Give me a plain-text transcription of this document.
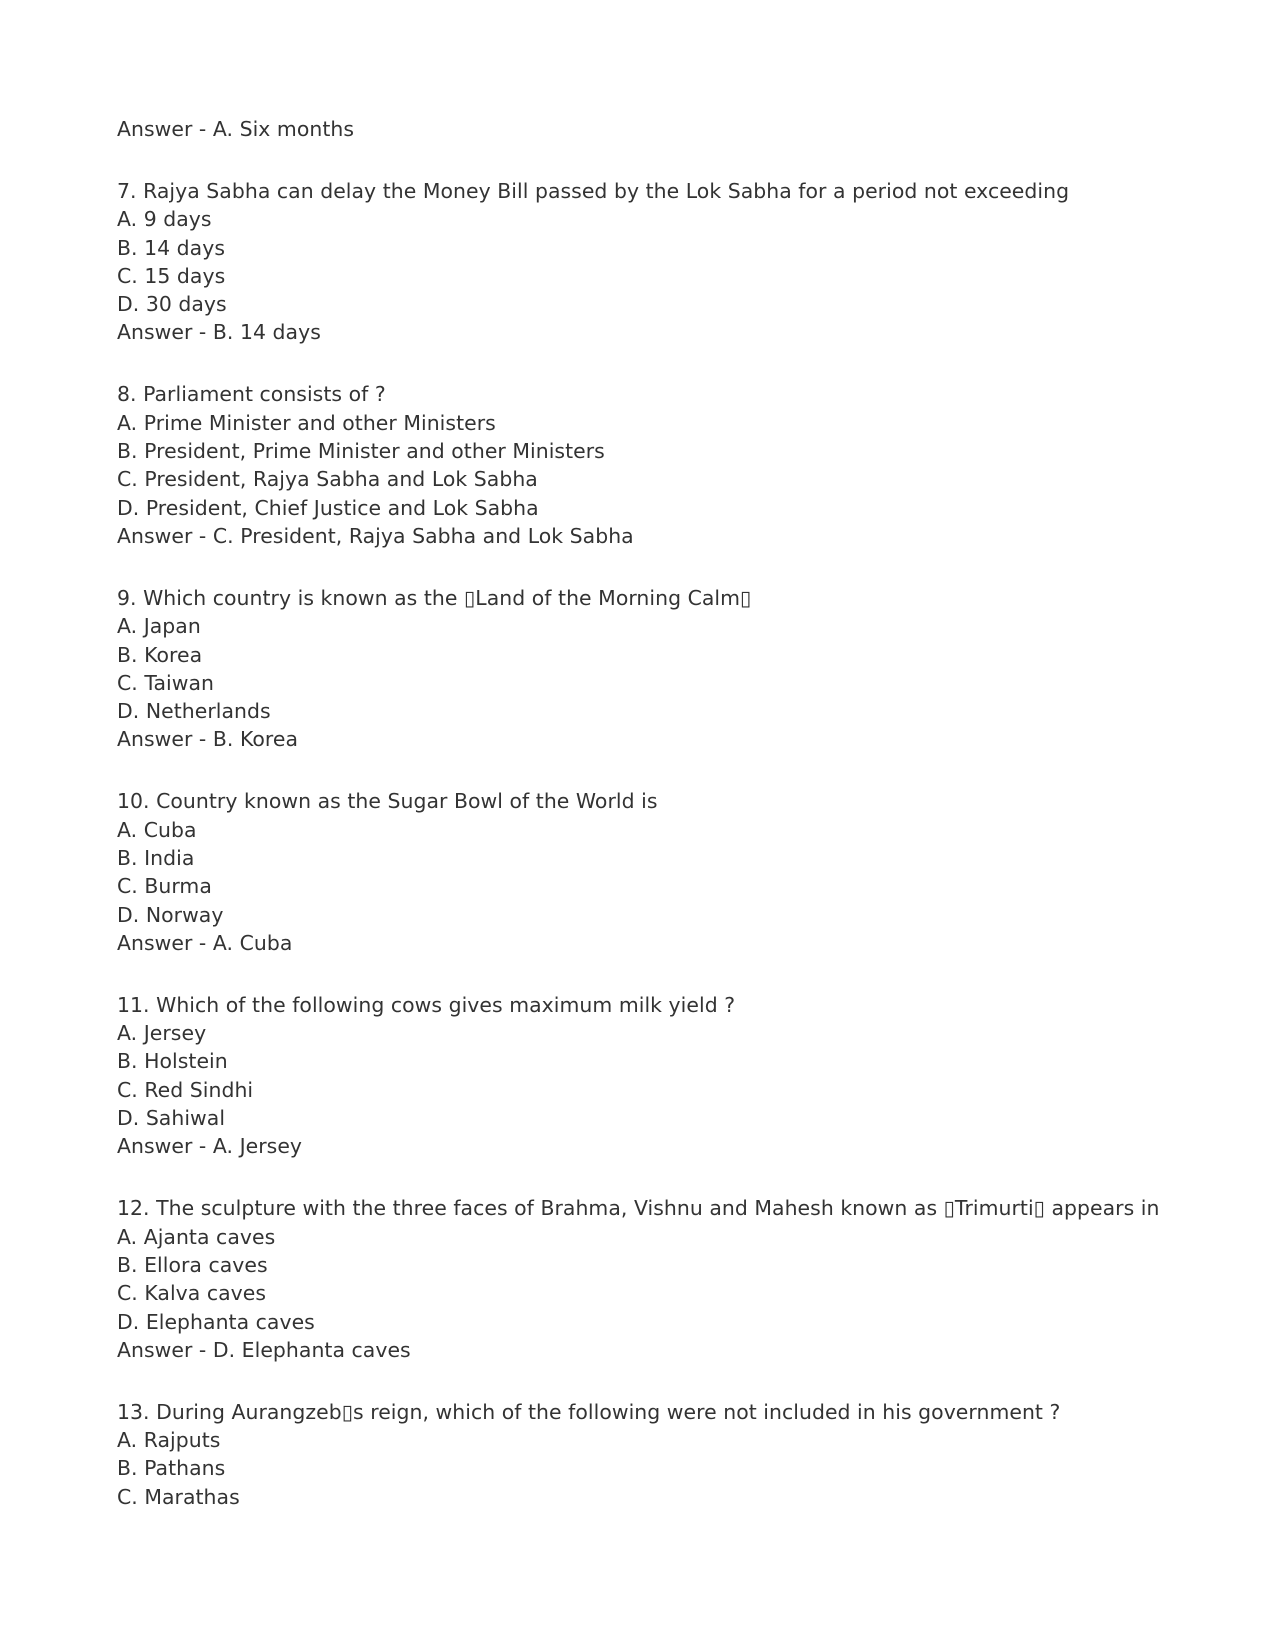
Answer - A. Six months
7. Rajya Sabha can delay the Money Bill passed by the Lok Sabha for a period not exceeding
A. 9 days
B. 14 days
C. 15 days
D. 30 days
Answer - B. 14 days
8. Parliament consists of ?
A. Prime Minister and other Ministers
B. President, Prime Minister and other Ministers
C. President, Rajya Sabha and Lok Sabha
D. President, Chief Justice and Lok Sabha
Answer - C. President, Rajya Sabha and Lok Sabha
9. Which country is known as the ▯​Land of the Morning Calm▯
A. Japan
B. Korea
C. Taiwan
D. Netherlands
Answer - B. Korea
10. Country known as the Sugar Bowl of the World is
A. Cuba
B. India
C. Burma
D. Norway
Answer - A. Cuba
11. Which of the following cows gives maximum milk yield ?
A. Jersey
B. Holstein
C. Red Sindhi
D. Sahiwal
Answer - A. Jersey
12. The sculpture with the three faces of Brahma, Vishnu and Mahesh known as ▯Trimurti▯ appears in
A. Ajanta caves
B. Ellora caves
C. Kalva caves
D. Elephanta caves
Answer - D. Elephanta caves
13. During Aurangzeb▯s reign, which of the following were not included in his government ?
A. Rajputs
B. Pathans
C. Marathas
